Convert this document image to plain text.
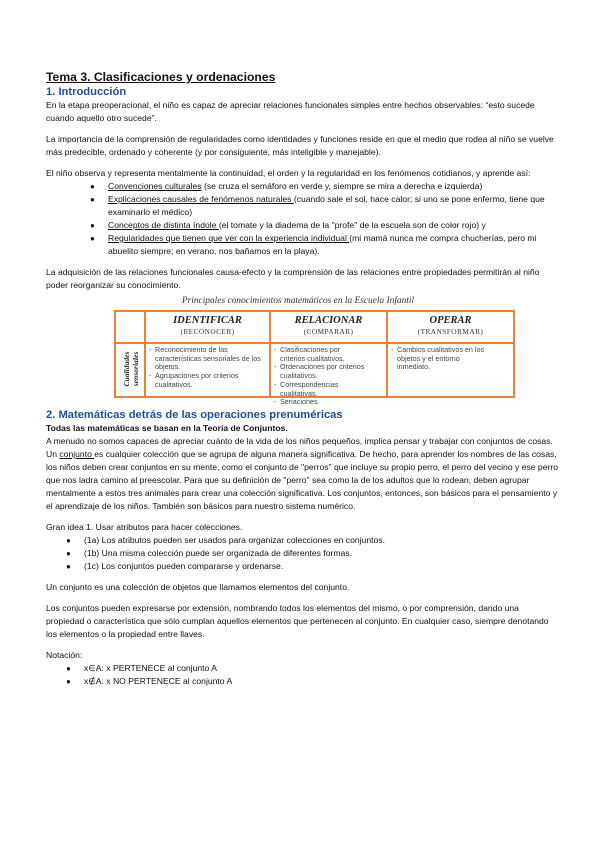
Tema 3. Clasificaciones y ordenaciones

1. Introducción

En la etapa preoperacional, el niño es capaz de apreciar relaciones funcionales simples entre hechos observables: “esto sucede cuando aquello otro sucede”.

La importancia de la comprensión de regularidades como identidades y funciones reside en que el medio que rodea al niño se vuelve más predecible, ordenado y coherente (y por consiguiente, más inteligible y manejable).

El niño observa y representa mentalmente la continuidad, el orden y la regularidad en los fenómenos cotidianos, y aprende así:

● Convenciones culturales (se cruza el semáforo en verde y, siempre se mira a derecha e izquierda)
● Explicaciones causales de fenómenos naturales (cuando sale el sol, hace calor; si uno se pone enfermo, tiene que examinarlo el médico)
● Conceptos de distinta índole (el tomate y la diadema de la "profe" de la escuela son de color rojo) y
● Regularidades que tienen que ver con la experiencia individual (mi mamá nunca me compra chucherías, pero mi abuelito siempre; en verano, nos bañamos en la playa).

La adquisición de las relaciones funcionales causa-efecto y la comprensión de las relaciones entre propiedades permitirán al niño poder reorganizar su conocimiento.

Principales conocimientos matemáticos en la Escuela Infantil
IDENTIFICAR
(RECONOCER)
RELACIONAR
(COMPARAR)
OPERAR
(TRANSFORMAR)
Cualidades sensoriales
- Reconocimiento de las características sensoriales de los objetos.
- Agrupaciones por criterios cualitativos.
- Clasificaciones por criterios cualitativos.
- Ordenaciones por criterios cualitativos.
- Correspondencias cualitativas.
- Seriaciones.
- Cambios cualitativos en los objetos y el entorno inmediato.

2. Matemáticas detrás de las operaciones prenuméricas

Todas las matemáticas se basan en la Teoría de Conjuntos.

A menudo no somos capaces de apreciar cuánto de la vida de los niños pequeños, implica pensar y trabajar con conjuntos de cosas. Un conjunto es cualquier colección que se agrupa de alguna manera significativa. De hecho, para aprender los nombres de las cosas, los niños deben crear conjuntos en su mente, como el conjunto de "perros" que incluye su propio perro, el perro del vecino y ese perro que nos ladra camino al preescolar. Para que su definición de "perro" sea como la de los adultos que lo rodean, deben agrupar mentalmente a estos tres animales para crear una colección significativa. Los conjuntos, entonces, son básicos para el pensamiento y el aprendizaje de los niños. También son básicos para nuestro sistema numérico.

Gran idea 1. Usar atributos para hacer colecciones.

● (1a) Los atributos pueden ser usados para organizar colecciones en conjuntos.
● (1b) Una misma colección puede ser organizada de diferentes formas.
● (1c) Los conjuntos pueden compararse y ordenarse.

Un conjunto es una colección de objetos que llamamos elementos del conjunto.

Los conjuntos pueden expresarse por extensión, nombrando todos los elementos del mismo, o por comprensión, dando una propiedad o característica que sólo cumplan aquellos elementos que pertenecen al conjunto. En cualquier caso, siempre denotando los elementos o la propiedad entre llaves.

Notación:

● x∈A: x PERTENECE al conjunto A
● x∉A: x NO PERTENECE al conjunto A
